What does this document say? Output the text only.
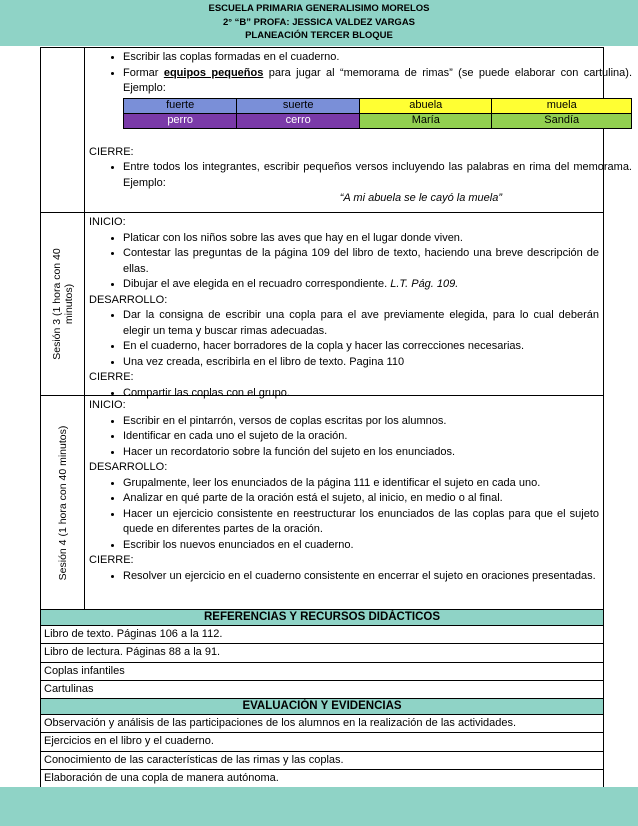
ESCUELA PRIMARIA GENERALISIMO MORELOS
2° “B” PROFA: JESSICA VALDEZ VARGAS
PLANEACIÓN TERCER BLOQUE
• Escribir las coplas formadas en el cuaderno.
• Formar equipos pequeños para jugar al “memorama de rimas” (se puede elaborar con cartulina). Ejemplo:
fuerte	suerte	abuela	muela
perro	cerro	María	Sandía
CIERRE:
• Entre todos los integrantes, escribir pequeños versos incluyendo las palabras en rima del memorama. Ejemplo:
“A mi abuela se le cayó la muela”
Sesión 3 (1 hora con 40 minutos)
INICIO:
• Platicar con los niños sobre las aves que hay en el lugar donde viven.
• Contestar las preguntas de la página 109 del libro de texto, haciendo una breve descripción de ellas.
• Dibujar el ave elegida en el recuadro correspondiente. L.T. Pág. 109.
DESARROLLO:
• Dar la consigna de escribir una copla para el ave previamente elegida, para lo cual deberán elegir un tema y buscar rimas adecuadas.
• En el cuaderno, hacer borradores de la copla y hacer las correcciones necesarias.
• Una vez creada, escribirla en el libro de texto. Pagina 110
CIERRE:
• Compartir las coplas con el grupo.
Sesión 4 (1 hora con 40 minutos)
INICIO:
• Escribir en el pintarrón, versos de coplas escritas por los alumnos.
• Identificar en cada uno el sujeto de la oración.
• Hacer un recordatorio sobre la función del sujeto en los enunciados.
DESARROLLO:
• Grupalmente, leer los enunciados de la página 111 e identificar el sujeto en cada uno.
• Analizar en qué parte de la oración está el sujeto, al inicio, en medio o al final.
• Hacer un ejercicio consistente en reestructurar los enunciados de las coplas para que el sujeto quede en diferentes partes de la oración.
• Escribir los nuevos enunciados en el cuaderno.
CIERRE:
• Resolver un ejercicio en el cuaderno consistente en encerrar el sujeto en oraciones presentadas.
REFERENCIAS Y RECURSOS DIDÁCTICOS
Libro de texto. Páginas 106 a la 112.
Libro de lectura. Páginas 88 a la 91.
Coplas infantiles
Cartulinas
EVALUACIÓN Y EVIDENCIAS
Observación y análisis de las participaciones de los alumnos en la realización de las actividades.
Ejercicios en el libro y el cuaderno.
Conocimiento de las características de las rimas y las coplas.
Elaboración de una copla de manera autónoma.
